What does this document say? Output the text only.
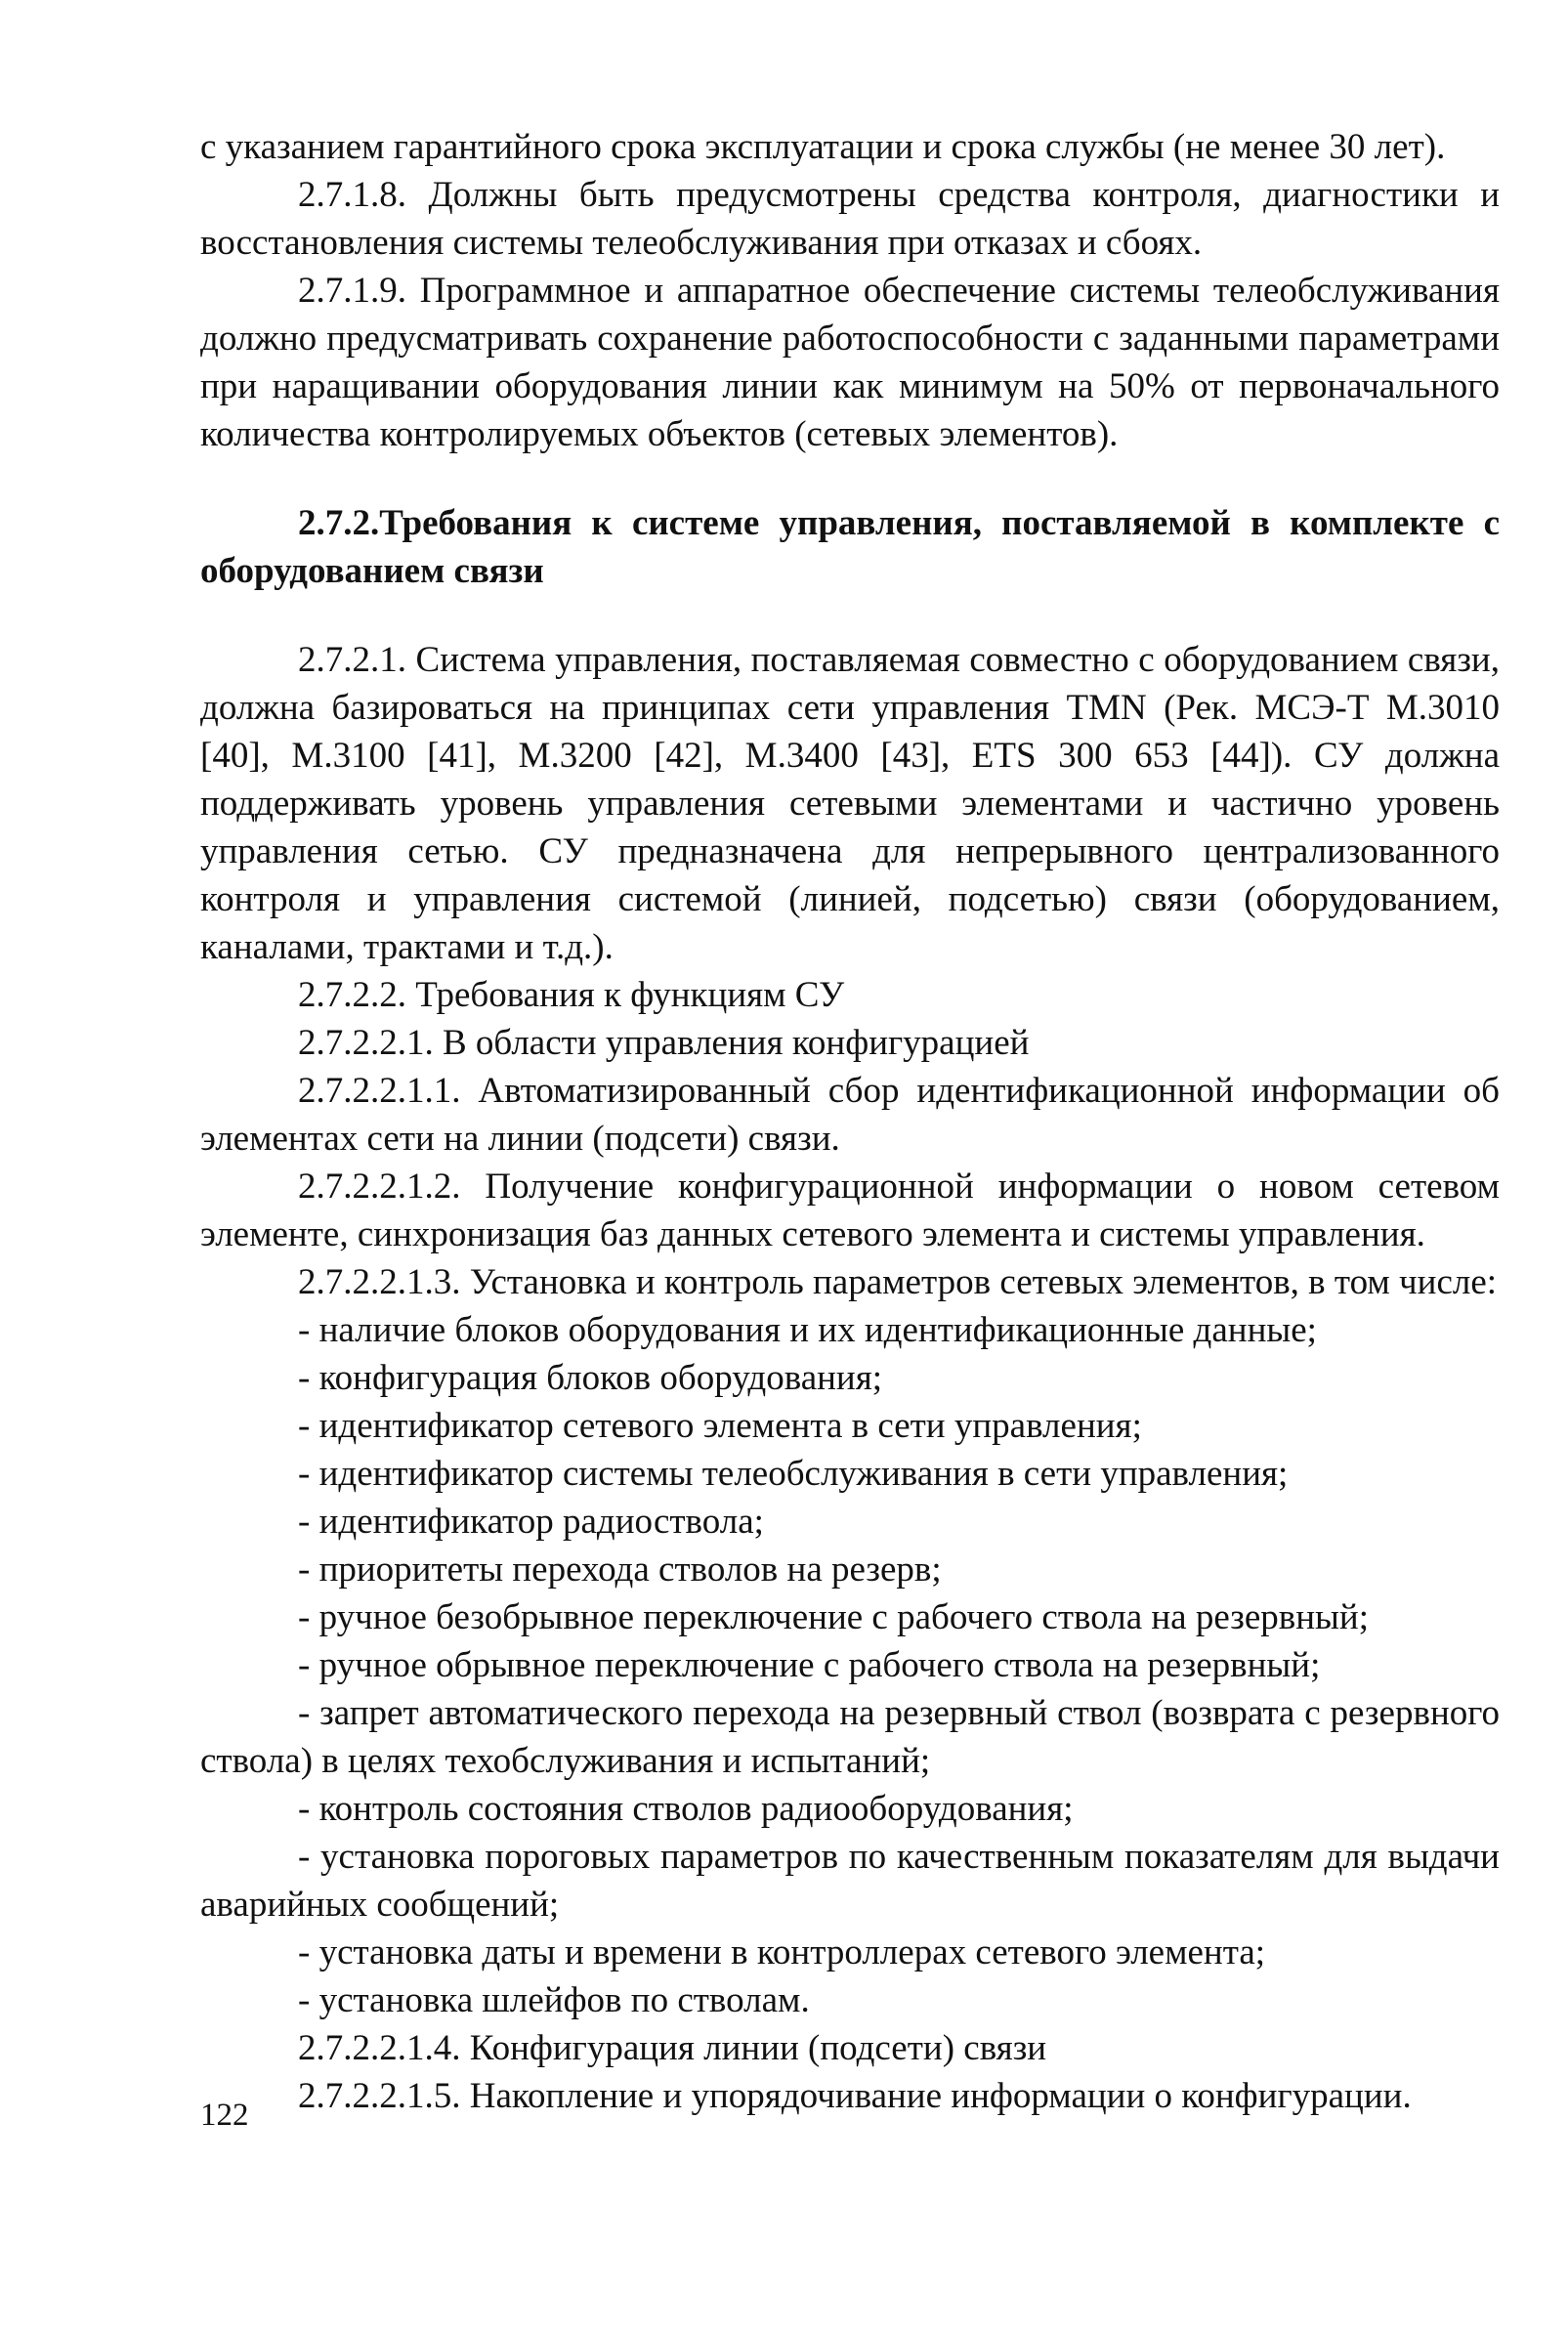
с указанием гарантийного срока эксплуатации и срока службы (не менее 30 лет).

2.7.1.8. Должны быть предусмотрены средства контроля, диагностики и восстановления системы телеобслуживания при отказах и сбоях.

2.7.1.9. Программное и аппаратное обеспечение системы телеобслуживания должно предусматривать сохранение работоспособности с заданными параметрами при наращивании оборудования линии как минимум на 50% от первоначального количества контролируемых объектов (сетевых элементов).

2.7.2.Требования к системе управления, поставляемой в комплекте с оборудованием связи

2.7.2.1. Система управления, поставляемая совместно с оборудованием связи, должна базироваться на принципах сети управления TMN (Рек. МСЭ-Т М.3010 [40], М.3100 [41], М.3200 [42], М.3400 [43], ETS 300 653 [44]). СУ должна поддерживать уровень управления сетевыми элементами и частично уровень управления сетью. СУ предназначена для непрерывного централизованного контроля и управления системой (линией, подсетью) связи (оборудованием, каналами, трактами и т.д.).

2.7.2.2. Требования к функциям СУ

2.7.2.2.1. В области управления конфигурацией

2.7.2.2.1.1. Автоматизированный сбор идентификационной информации об элементах сети на линии (подсети) связи.

2.7.2.2.1.2. Получение конфигурационной информации о новом сетевом элементе, синхронизация баз данных сетевого элемента и системы управления.

2.7.2.2.1.3. Установка и контроль параметров сетевых элементов, в том числе:

- наличие блоков оборудования и их идентификационные данные;
- конфигурация блоков оборудования;
- идентификатор сетевого элемента в сети управления;
- идентификатор системы телеобслуживания в сети управления;
- идентификатор радиоствола;
- приоритеты перехода стволов на резерв;
- ручное безобрывное переключение с рабочего ствола на резервный;
- ручное обрывное переключение с рабочего ствола на резервный;
- запрет автоматического перехода на резервный ствол (возврата с резервного ствола) в целях техобслуживания и испытаний;
- контроль состояния стволов радиооборудования;
- установка пороговых параметров по качественным показателям для выдачи аварийных сообщений;
- установка даты и времени в контроллерах сетевого элемента;
- установка шлейфов по стволам.

2.7.2.2.1.4. Конфигурация линии (подсети) связи

2.7.2.2.1.5. Накопление и упорядочивание информации о конфигурации.

122
